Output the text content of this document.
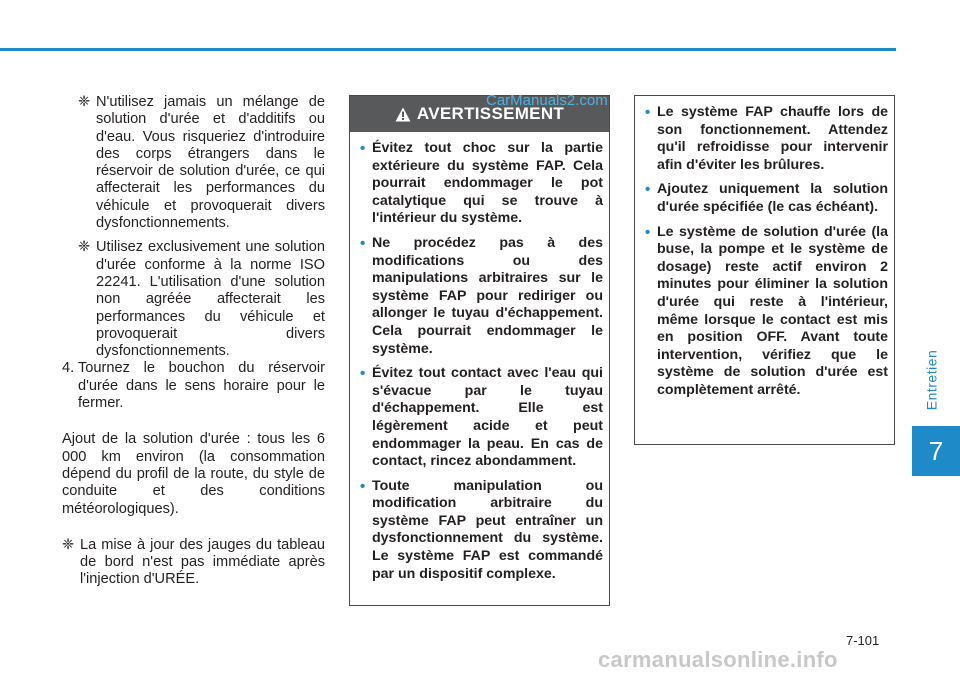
❈ N'utilisez jamais un mélange de solution d'urée et d'additifs ou d'eau. Vous risqueriez d'introduire des corps étrangers dans le réservoir de solution d'urée, ce qui affecterait les performances du véhicule et provoquerait divers dysfonctionnements.
❈ Utilisez exclusivement une solution d'urée conforme à la norme ISO 22241. L'utilisation d'une solution non agréée affecterait les performances du véhicule et provoquerait divers dysfonctionnements.
4. Tournez le bouchon du réservoir d'urée dans le sens horaire pour le fermer.

Ajout de la solution d'urée : tous les 6 000 km environ (la consommation dépend du profil de la route, du style de conduite et des conditions météorologiques).

❈ La mise à jour des jauges du tableau de bord n'est pas immédiate après l'injection d'URÉE.
AVERTISSEMENT
• Évitez tout choc sur la partie extérieure du système FAP. Cela pourrait endommager le pot catalytique qui se trouve à l'intérieur du système.
• Ne procédez pas à des modifications ou des manipulations arbitraires sur le système FAP pour rediriger ou allonger le tuyau d'échappement. Cela pourrait endommager le système.
• Évitez tout contact avec l'eau qui s'évacue par le tuyau d'échappement. Elle est légèrement acide et peut endommager la peau. En cas de contact, rincez abondamment.
• Toute manipulation ou modification arbitraire du système FAP peut entraîner un dysfonctionnement du système. Le système FAP est commandé par un dispositif complexe.
• Le système FAP chauffe lors de son fonctionnement. Attendez qu'il refroidisse pour intervenir afin d'éviter les brûlures.
• Ajoutez uniquement la solution d'urée spécifiée (le cas échéant).
• Le système de solution d'urée (la buse, la pompe et le système de dosage) reste actif environ 2 minutes pour éliminer la solution d'urée qui reste à l'intérieur, même lorsque le contact est mis en position OFF. Avant toute intervention, vérifiez que le système de solution d'urée est complètement arrêté.
CarManuals2.com
Entretien
7
7-101
carmanualsonline.info
